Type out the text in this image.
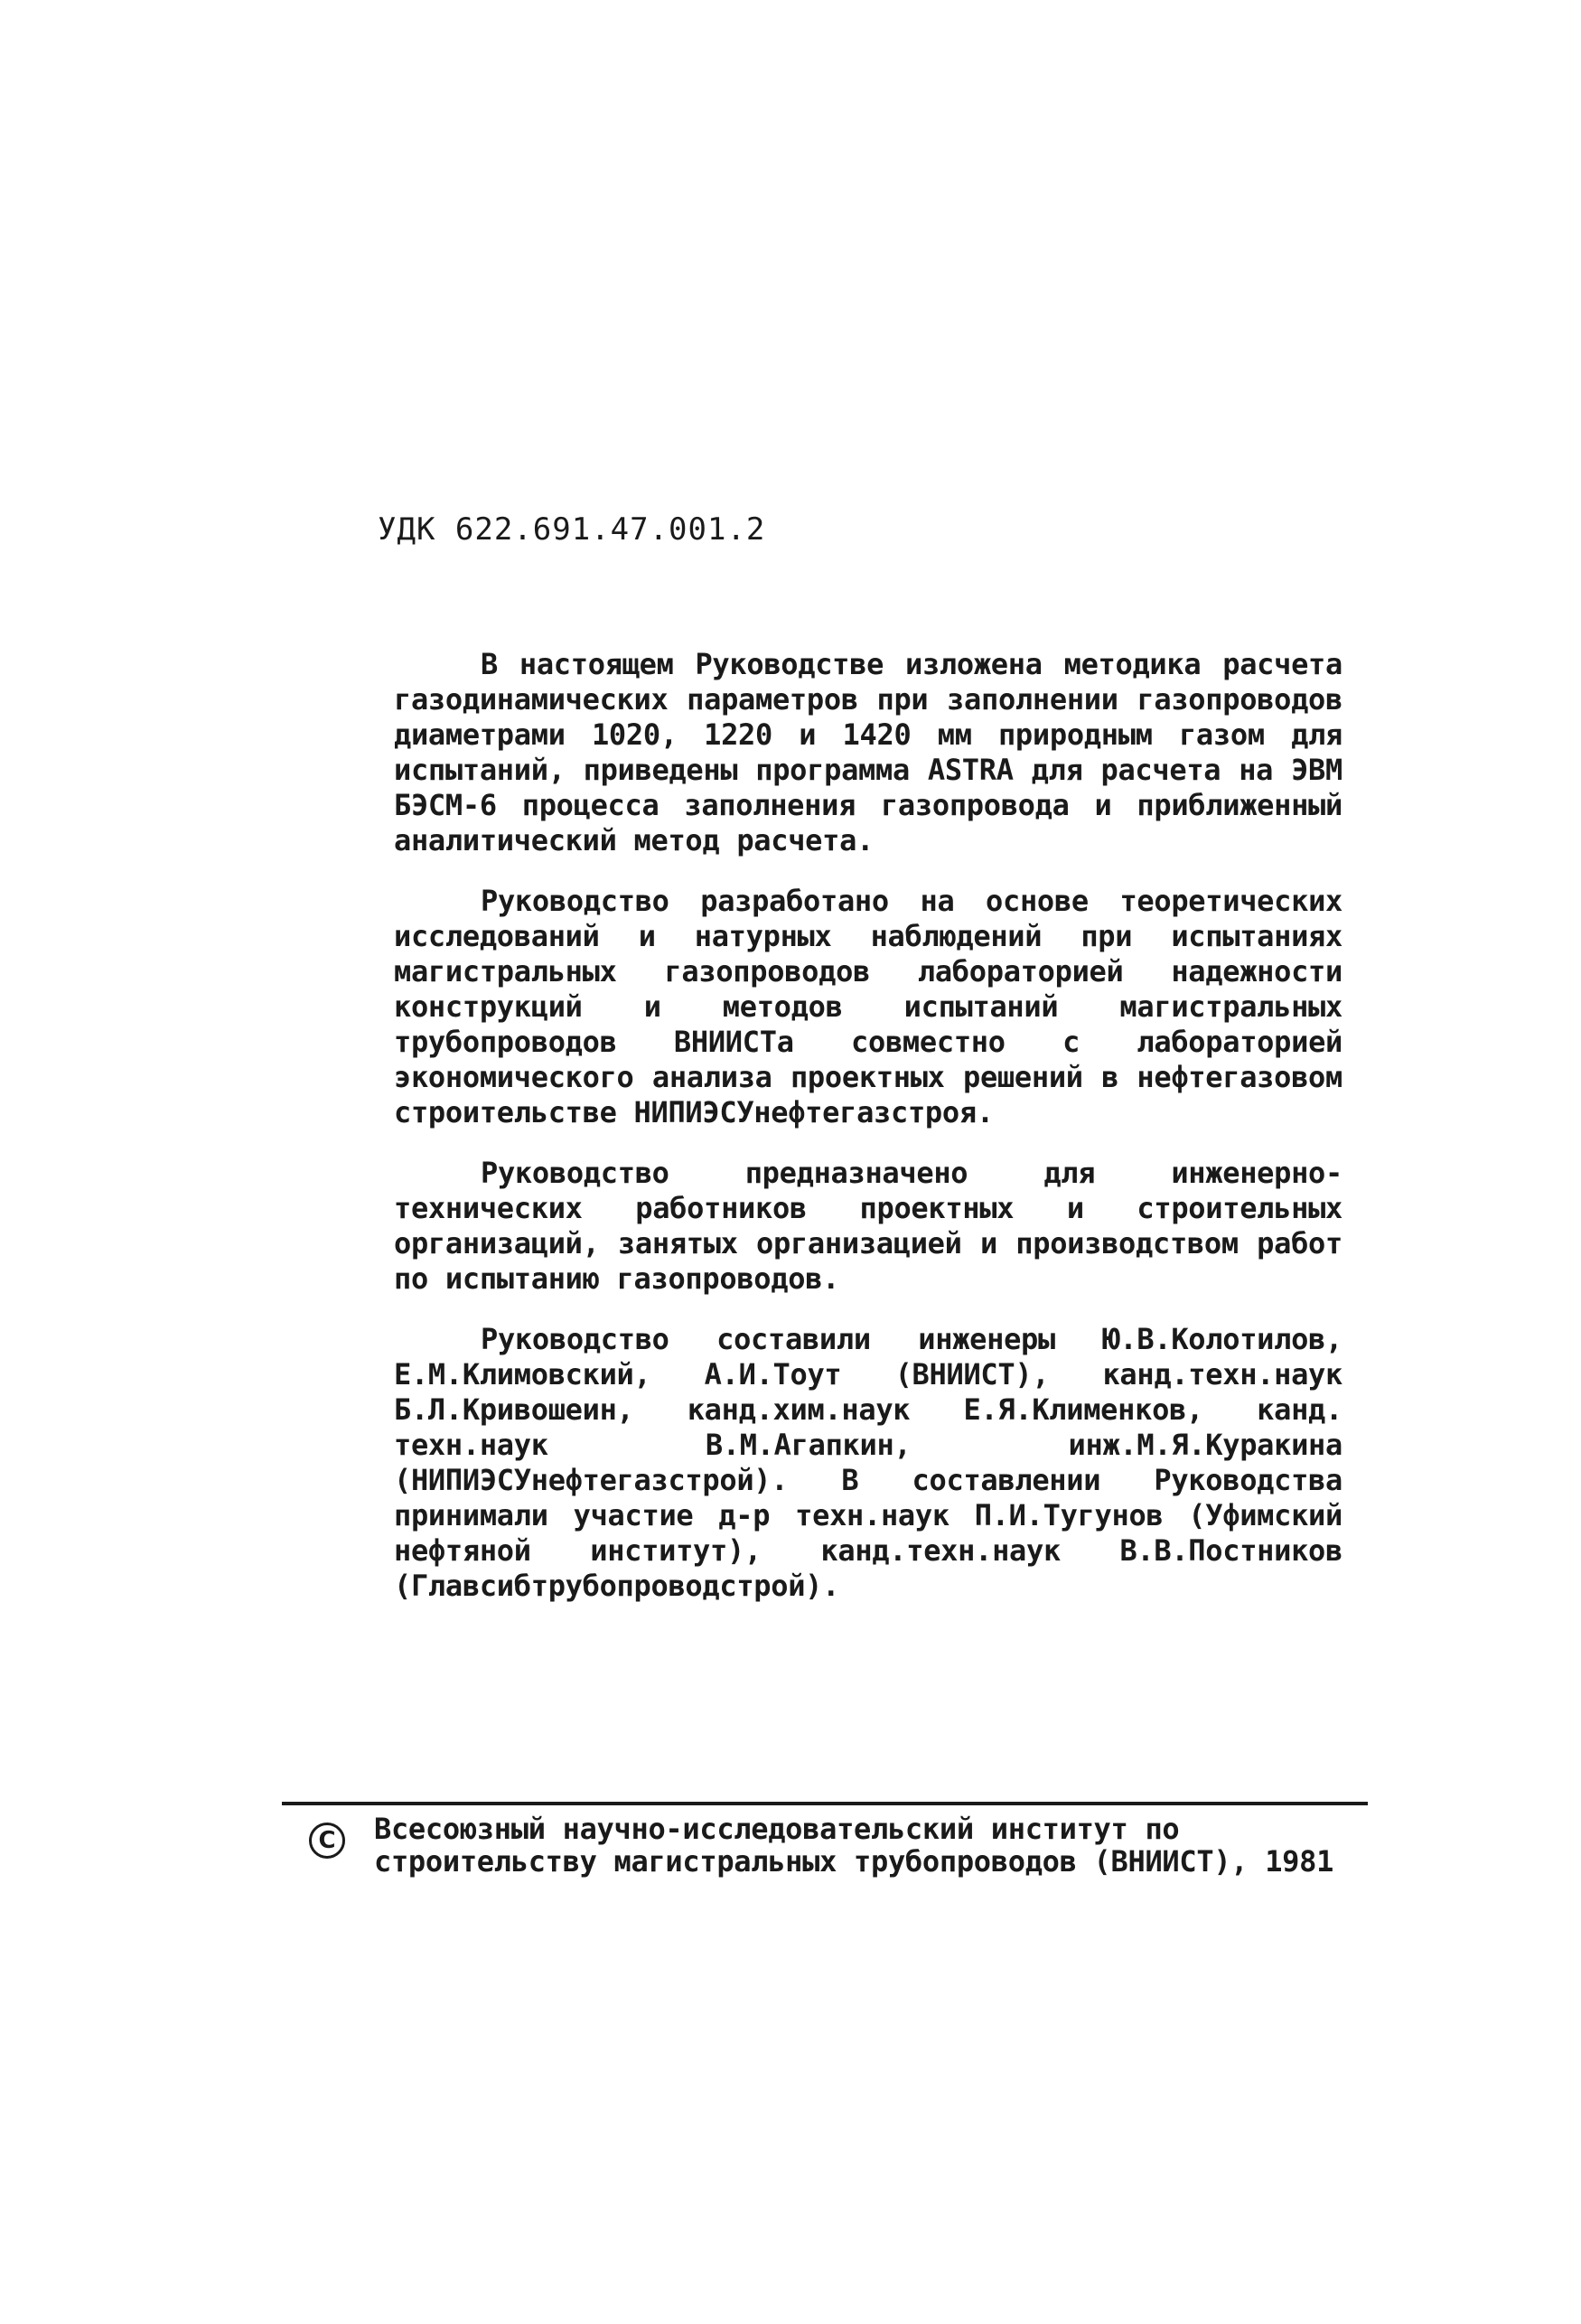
УДК 622.691.47.001.2

В настоящем Руководстве изложена методика расчета газодинамических параметров при заполнении газопроводов диаметрами 1020, 1220 и 1420 мм природным газом для испытаний, приведены программа ASTRA для расчета на ЭВМ БЭСМ-6 процесса заполнения газопровода и приближенный аналитический метод расчета.

Руководство разработано на основе теоретических исследований и натурных наблюдений при испытаниях магистральных газопроводов лабораторией надежности конструкций и методов испытаний магистральных трубопроводов ВНИИСТа совместно с лабораторией экономического анализа проектных решений в нефтегазовом строительстве НИПИЭСУнефтегазстроя.

Руководство предназначено для инженерно-технических работников проектных и строительных организаций, занятых организацией и производством работ по испытанию газопроводов.

Руководство составили инженеры Ю.В.Колотилов, Е.М.Климовский, А.И.Тоут (ВНИИСТ), канд.техн.наук Б.Л.Кривошеин, канд.хим.наук Е.Я.Клименков, канд. техн.наук В.М.Агапкин, инж.М.Я.Куракина (НИПИЭСУнефтегазстрой). В составлении Руководства принимали участие д-р техн.наук П.И.Тугунов (Уфимский нефтяной институт), канд.техн.наук В.В.Постников (Главсибтрубопроводстрой).

C	Всесоюзный научно-исследовательский институт по строительству магистральных трубопроводов (ВНИИСТ), 1981
